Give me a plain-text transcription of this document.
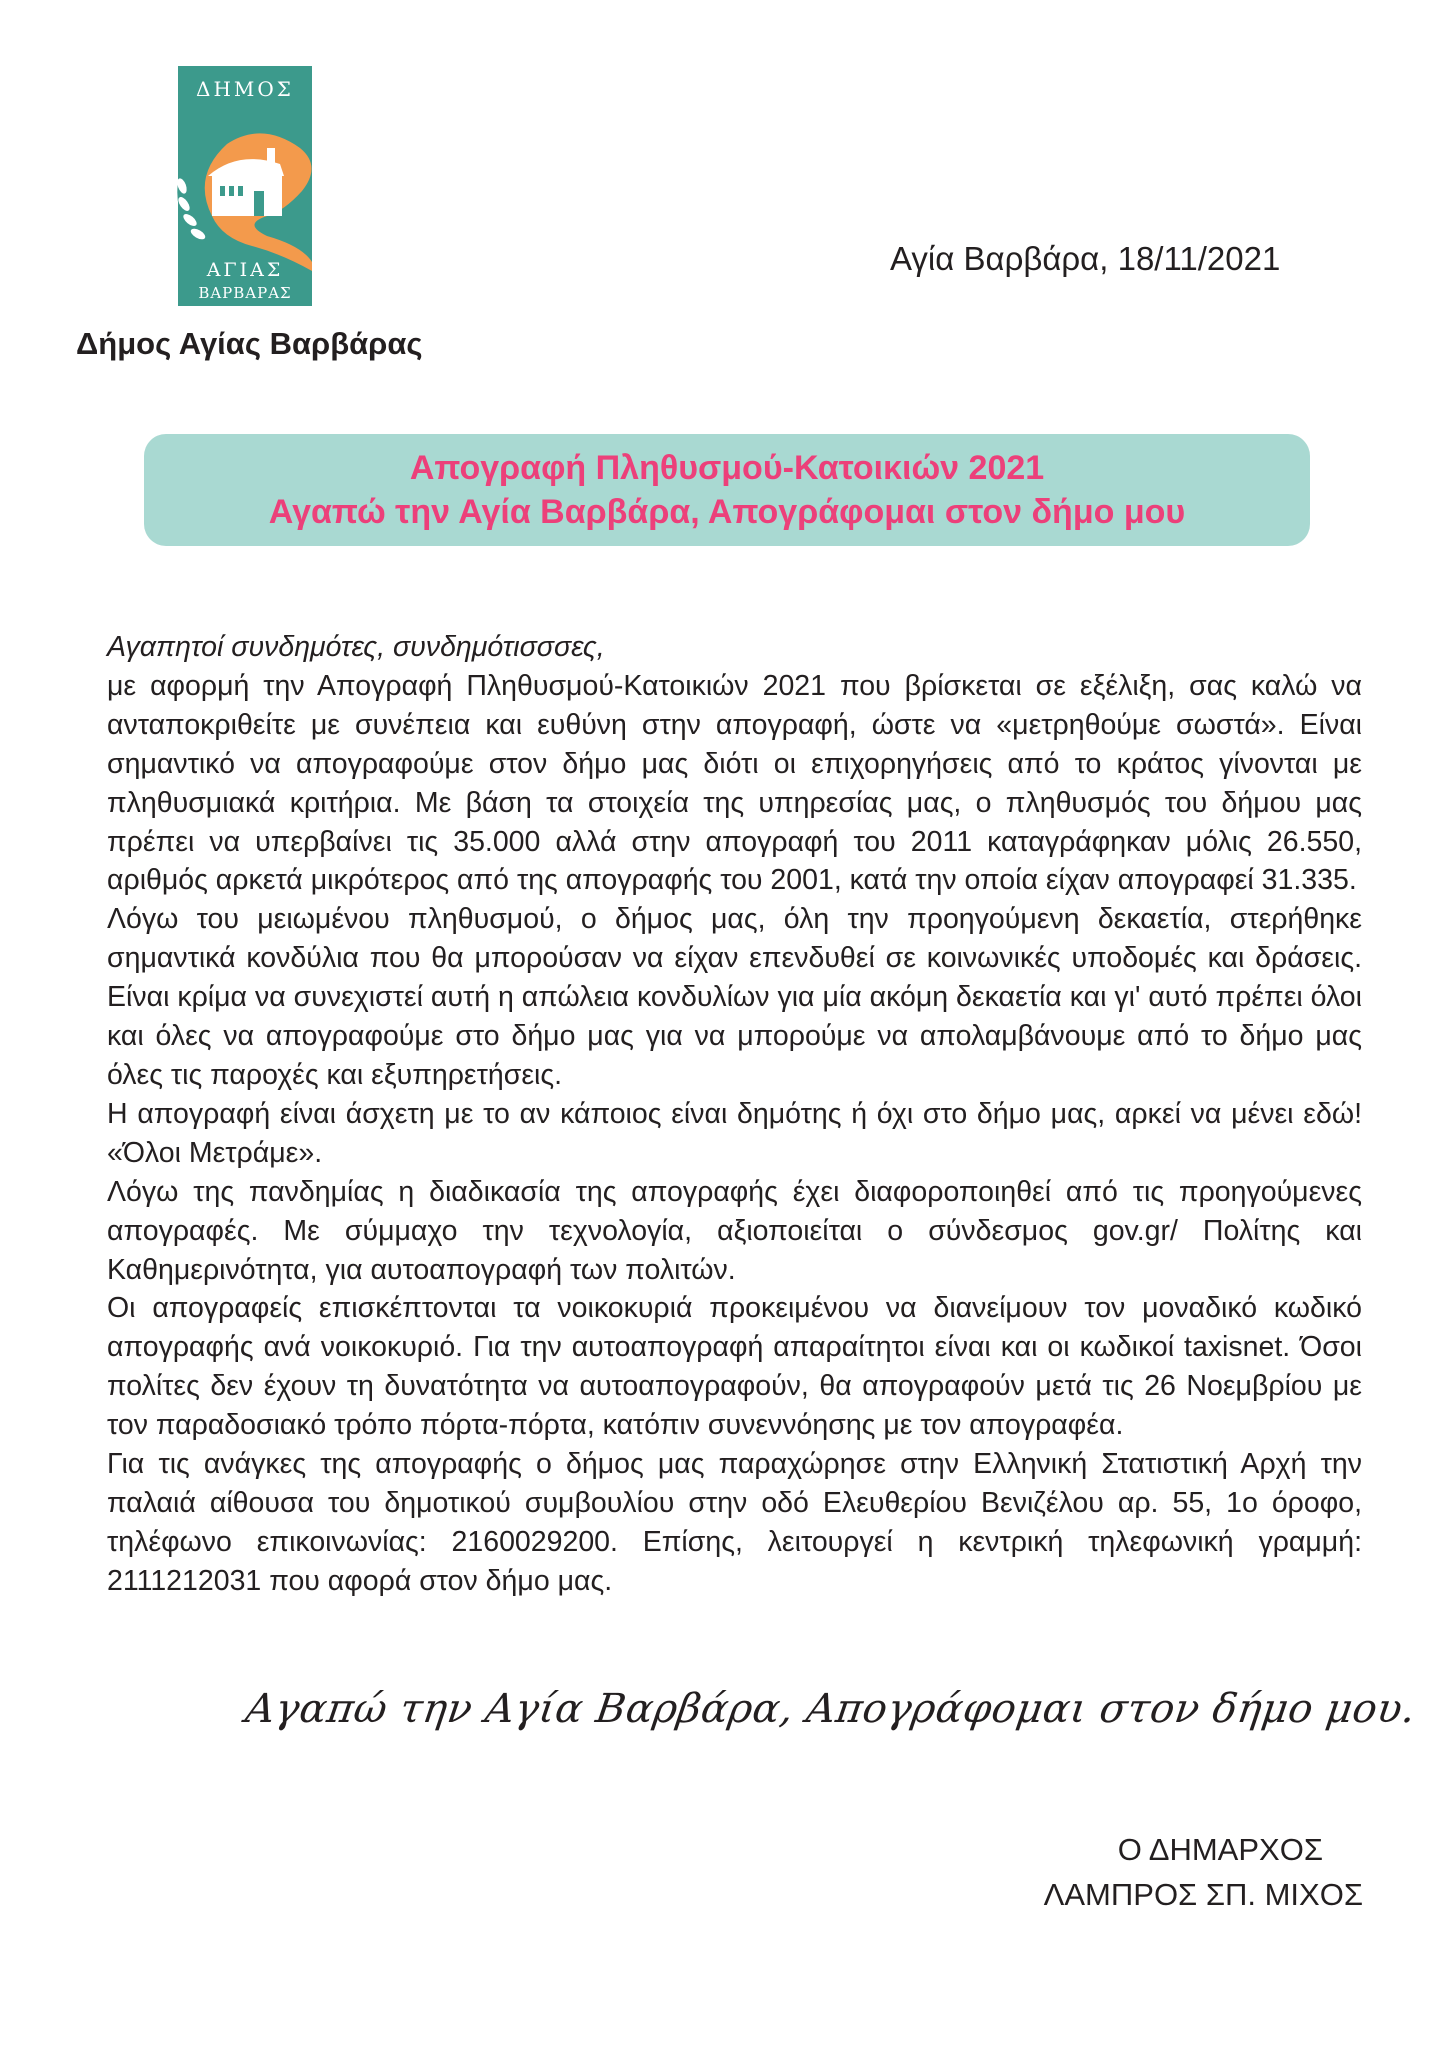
ΔΗΜΟΣ
ΑΓΙΑΣ
ΒΑΡΒΑΡΑΣ
Δήμος Αγίας Βαρβάρας
Αγία Βαρβάρα, 18/11/2021
Απογραφή Πληθυσμού-Κατοικιών 2021
Αγαπώ την Αγία Βαρβάρα, Απογράφομαι στον δήμο μου

Αγαπητοί συνδημότες, συνδημότισσσες,

με αφορμή την Απογραφή Πληθυσμού-Κατοικιών 2021 που βρίσκεται σε εξέλιξη, σας καλώ να ανταποκριθείτε με συνέπεια και ευθύνη στην απογραφή, ώστε να «μετρηθούμε σωστά». Είναι σημαντικό να απογραφούμε στον δήμο μας διότι οι επιχορηγήσεις από το κράτος γίνονται με πληθυσμιακά κριτήρια. Με βάση τα στοιχεία της υπηρεσίας μας, ο πληθυσμός του δήμου μας πρέπει να υπερβαίνει τις 35.000 αλλά στην απογραφή του 2011 καταγράφηκαν μόλις 26.550, αριθμός αρκετά μικρότερος από της απογραφής του 2001, κατά την οποία είχαν απογραφεί 31.335.

Λόγω του μειωμένου πληθυσμού, ο δήμος μας, όλη την προηγούμενη δεκαετία, στερήθηκε σημαντικά κονδύλια που θα μπορούσαν να είχαν επενδυθεί σε κοινωνικές υποδομές και δράσεις. Είναι κρίμα να συνεχιστεί αυτή η απώλεια κονδυλίων για μία ακόμη δεκαετία και γι' αυτό πρέπει όλοι και όλες να απογραφούμε στο δήμο μας για να μπορούμε να απολαμβάνουμε από το δήμο μας όλες τις παροχές και εξυπηρετήσεις.

Η απογραφή είναι άσχετη με το αν κάποιος είναι δημότης ή όχι στο δήμο μας, αρκεί να μένει εδώ! «Όλοι Μετράμε».

Λόγω της πανδημίας η διαδικασία της απογραφής έχει διαφοροποιηθεί από τις προηγούμενες απογραφές. Με σύμμαχο την τεχνολογία, αξιοποιείται ο σύνδεσμος gov.gr/ Πολίτης και Καθημερινότητα, για αυτοαπογραφή των πολιτών.

Οι απογραφείς επισκέπτονται τα νοικοκυριά προκειμένου να διανείμουν τον μοναδικό κωδικό απογραφής ανά νοικοκυριό. Για την αυτοαπογραφή απαραίτητοι είναι και οι κωδικοί taxisnet. Όσοι πολίτες δεν έχουν τη δυνατότητα να αυτοαπογραφούν, θα απογραφούν μετά τις 26 Νοεμβρίου με τον παραδοσιακό τρόπο πόρτα-πόρτα, κατόπιν συνεννόησης με τον απογραφέα.

Για τις ανάγκες της απογραφής ο δήμος μας παραχώρησε στην Ελληνική Στατιστική Αρχή την παλαιά αίθουσα του δημοτικού συμβουλίου στην οδό Ελευθερίου Βενιζέλου αρ. 55, 1ο όροφο, τηλέφωνο επικοινωνίας: 2160029200. Επίσης, λειτουργεί η κεντρική τηλεφωνική γραμμή: 2111212031 που αφορά στον δήμο μας.

Αγαπώ την Αγία Βαρβάρα, Απογράφομαι στον δήμο μου.
Ο ΔΗΜΑΡΧΟΣ
ΛΑΜΠΡΟΣ ΣΠ. ΜΙΧΟΣ
